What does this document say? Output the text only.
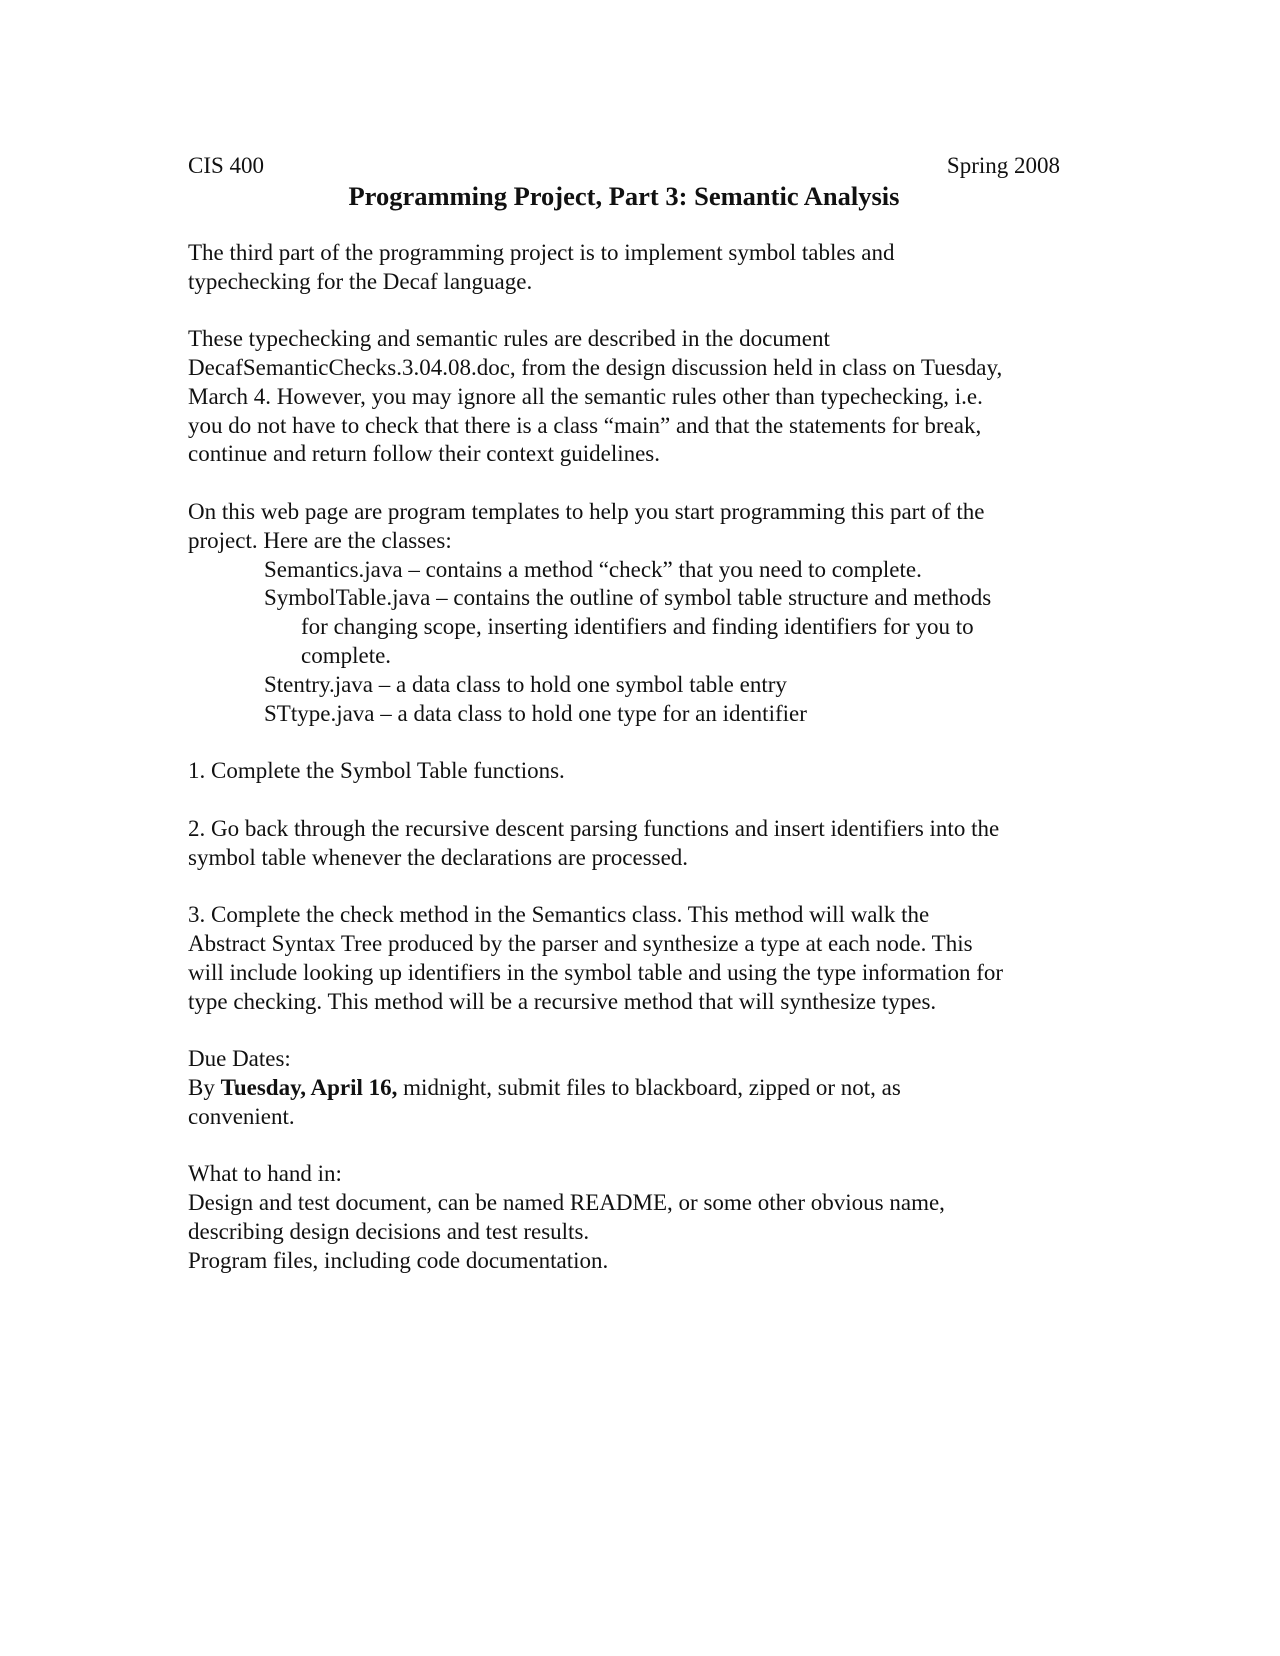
CIS 400	Spring 2008
Programming Project, Part 3: Semantic Analysis

The third part of the programming project is to implement symbol tables and

typechecking for the Decaf language.

These typechecking and semantic rules are described in the document

DecafSemanticChecks.3.04.08.doc, from the design discussion held in class on Tuesday,

March 4. However, you may ignore all the semantic rules other than typechecking, i.e.

you do not have to check that there is a class “main” and that the statements for break,

continue and return follow their context guidelines.

On this web page are program templates to help you start programming this part of the

project. Here are the classes:

Semantics.java – contains a method “check” that you need to complete.

SymbolTable.java – contains the outline of symbol table structure and methods
for changing scope, inserting identifiers and finding identifiers for you to
complete.

Stentry.java – a data class to hold one symbol table entry

STtype.java – a data class to hold one type for an identifier

1. Complete the Symbol Table functions.

2. Go back through the recursive descent parsing functions and insert identifiers into the

symbol table whenever the declarations are processed.

3. Complete the check method in the Semantics class. This method will walk the

Abstract Syntax Tree produced by the parser and synthesize a type at each node. This

will include looking up identifiers in the symbol table and using the type information for

type checking. This method will be a recursive method that will synthesize types.

Due Dates:

By Tuesday, April 16, midnight, submit files to blackboard, zipped or not, as

convenient.

What to hand in:

Design and test document, can be named README, or some other obvious name,

describing design decisions and test results.

Program files, including code documentation.
